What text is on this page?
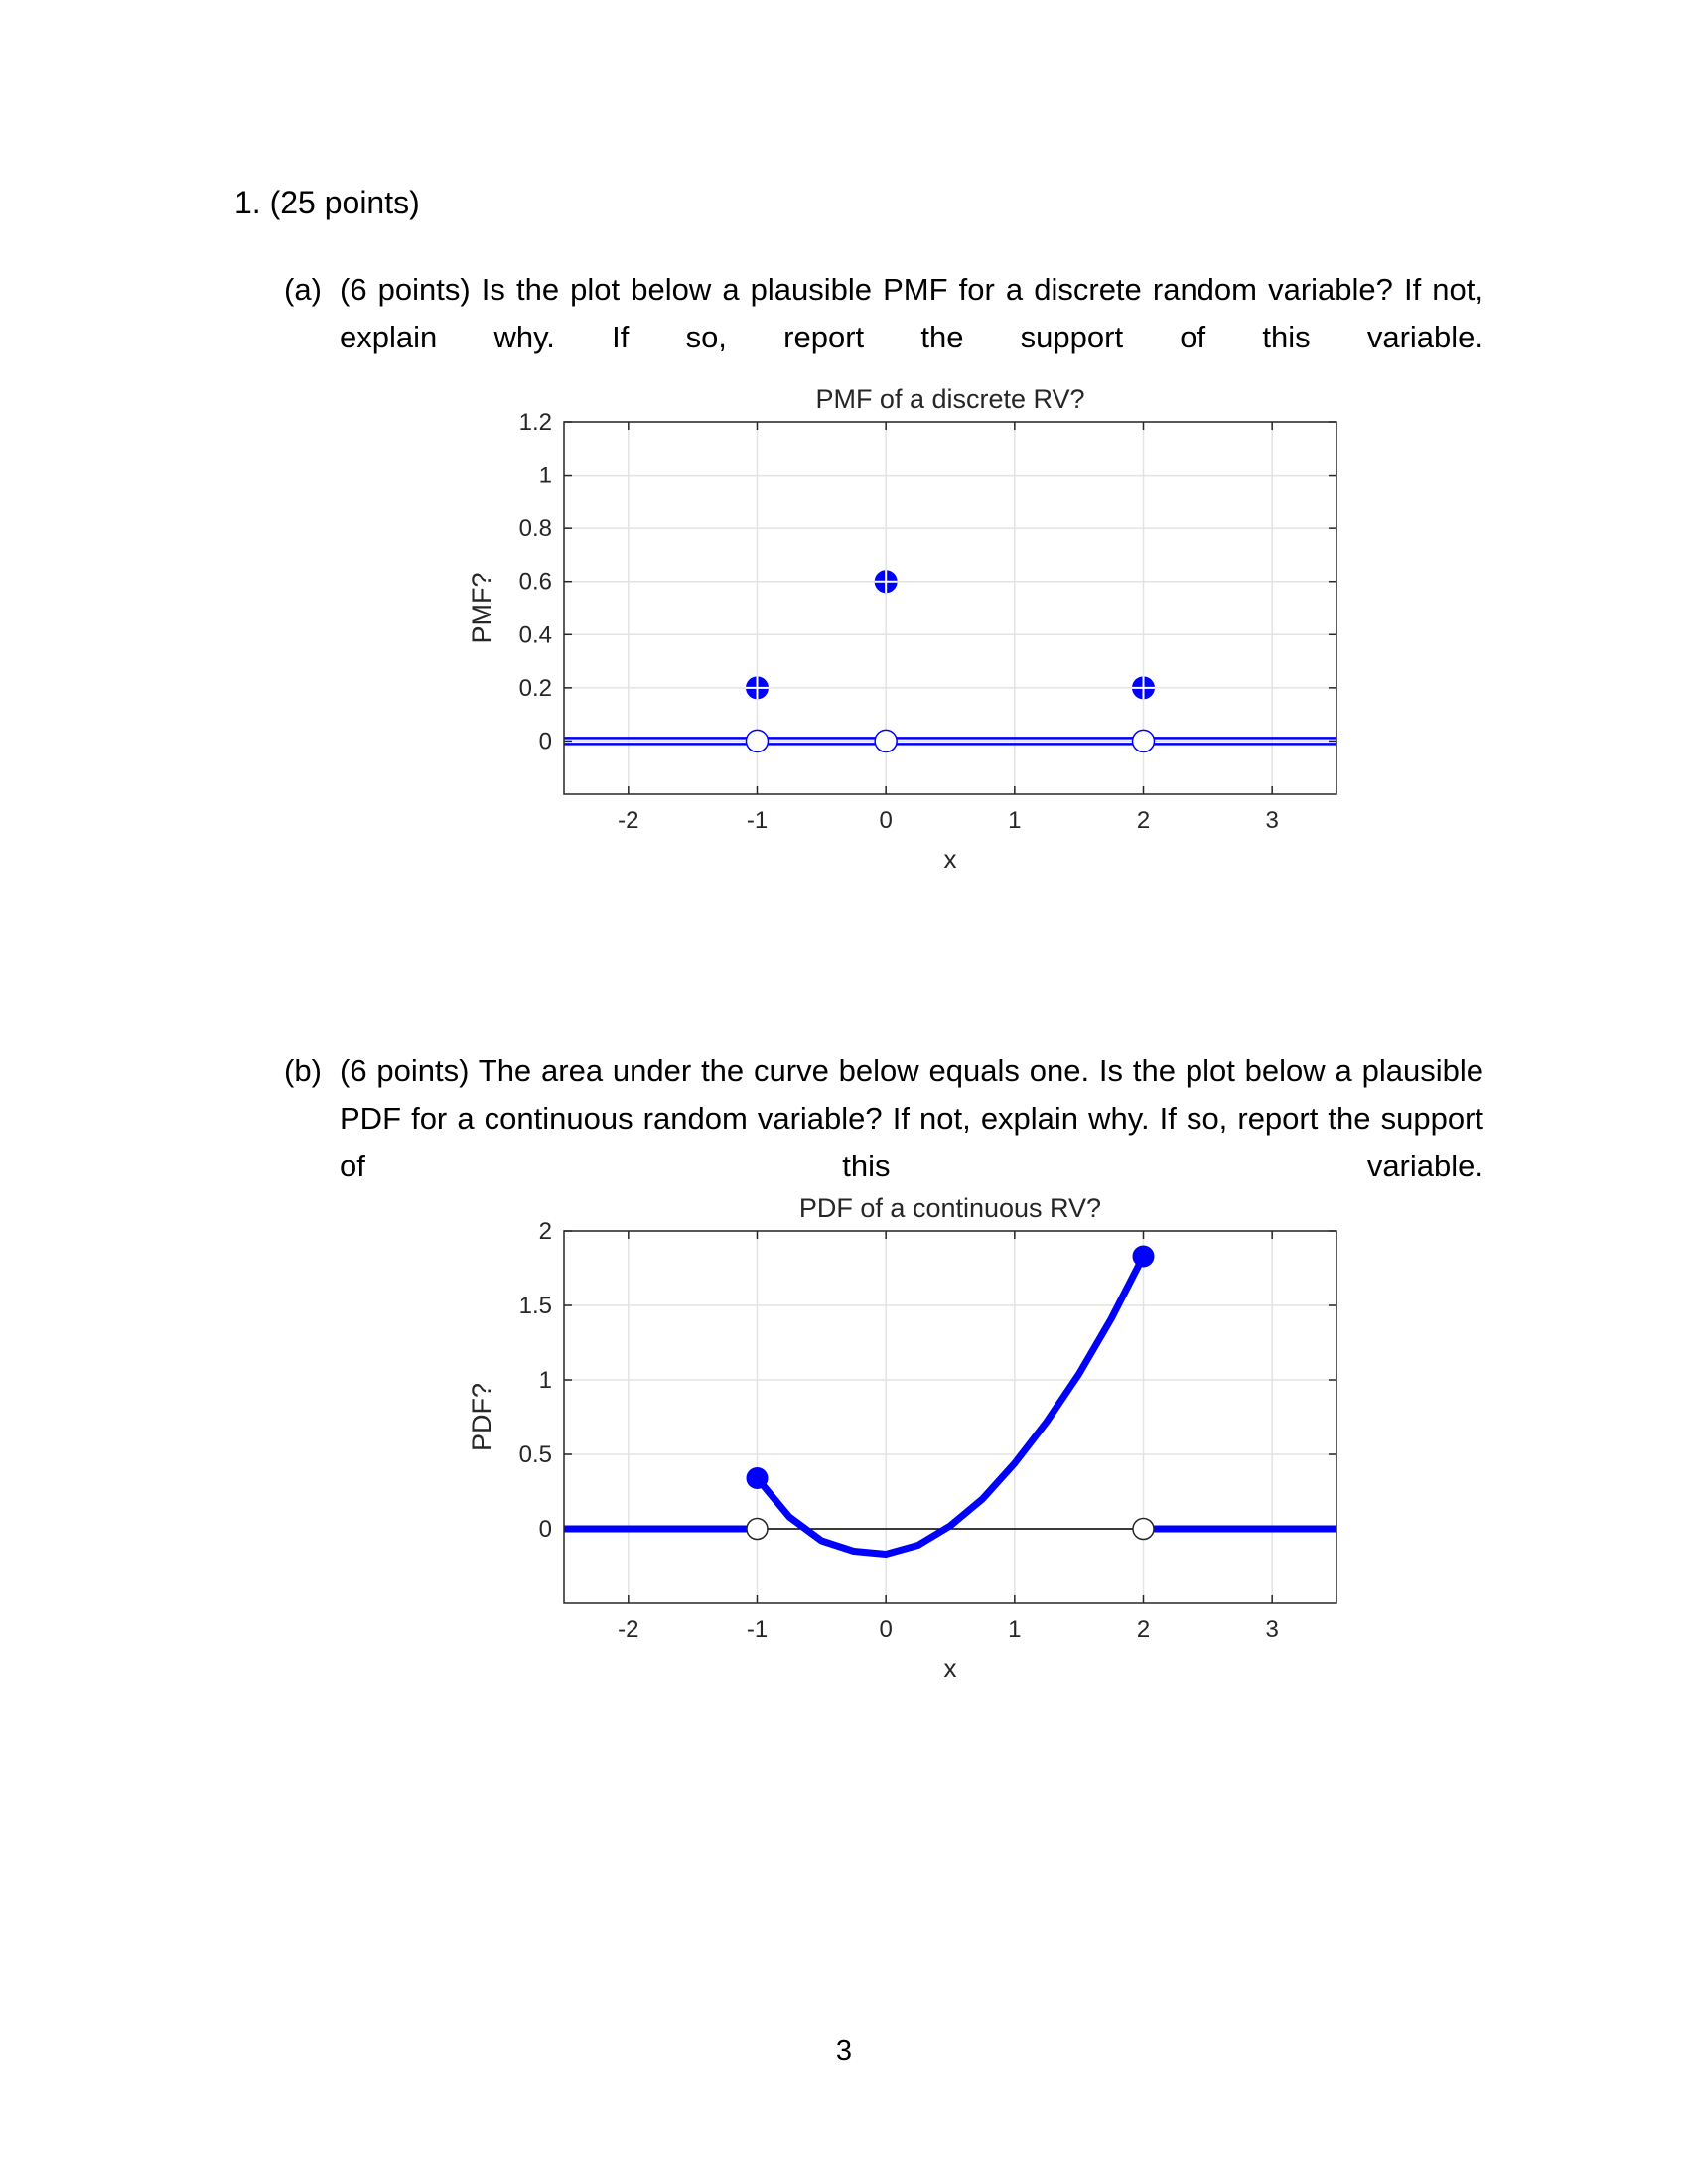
1. (25 points)
(a) (6 points) Is the plot below a plausible PMF for a discrete random variable? If not, explain why. If so, report the support of this variable.
-2	-1	0	1	2	3
0
0.2
0.4
0.6
0.8
1
1.2
PMF of a discrete RV?
x
PMF?
(b) (6 points) The area under the curve below equals one. Is the plot below a plausible PDF for a continuous random variable? If not, explain why. If so, report the support of this variable.
-2	-1	0	1	2	3
0
0.5
1
1.5
2
PDF of a continuous RV?
x
PDF?
3
